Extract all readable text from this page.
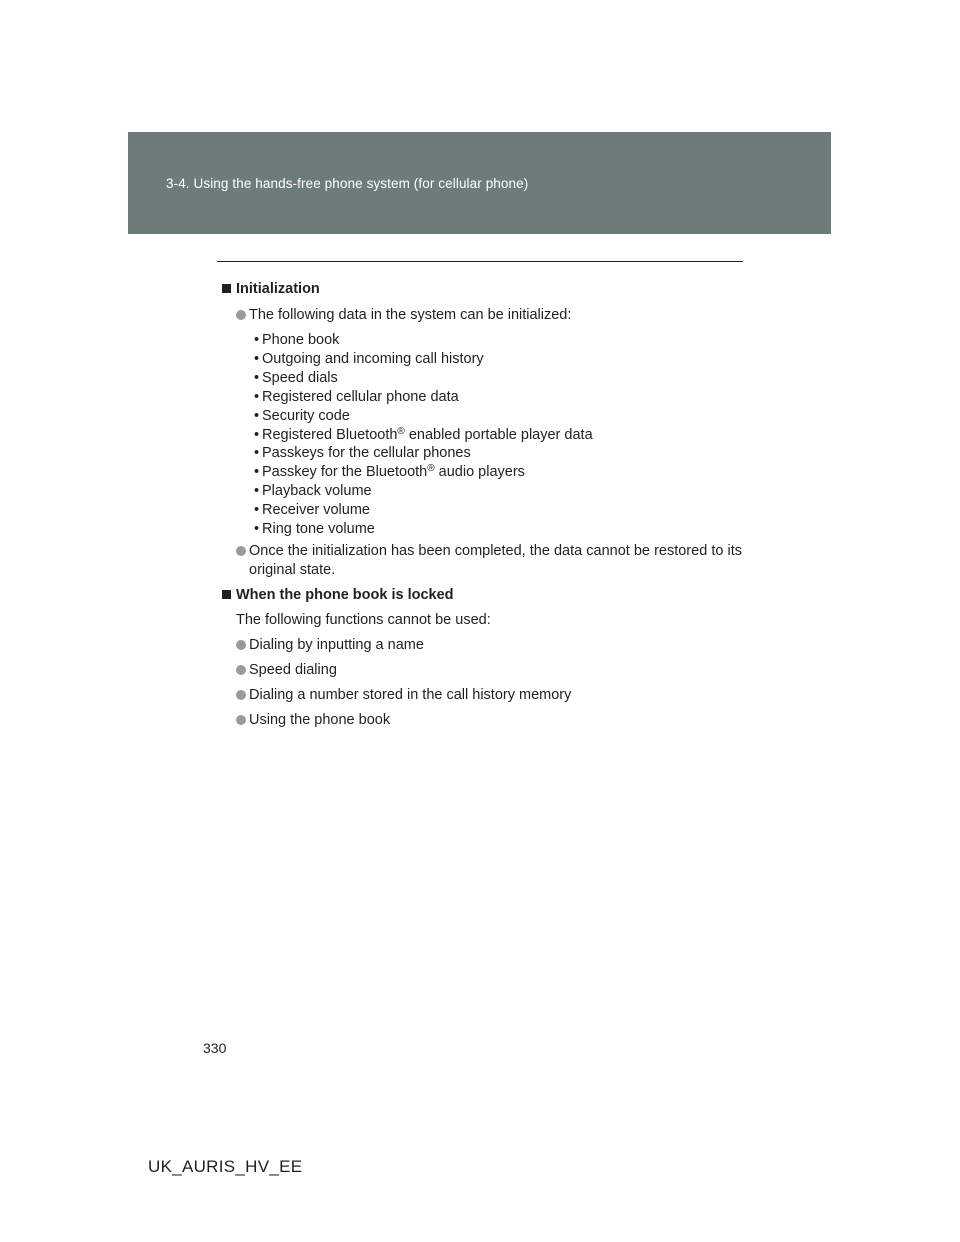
3-4. Using the hands-free phone system (for cellular phone)
Initialization
The following data in the system can be initialized:
• Phone book
• Outgoing and incoming call history
• Speed dials
• Registered cellular phone data
• Security code
• Registered Bluetooth® enabled portable player data
• Passkeys for the cellular phones
• Passkey for the Bluetooth® audio players
• Playback volume
• Receiver volume
• Ring tone volume
Once the initialization has been completed, the data cannot be restored to its original state.
When the phone book is locked
The following functions cannot be used:
Dialing by inputting a name
Speed dialing
Dialing a number stored in the call history memory
Using the phone book
330
UK_AURIS_HV_EE
